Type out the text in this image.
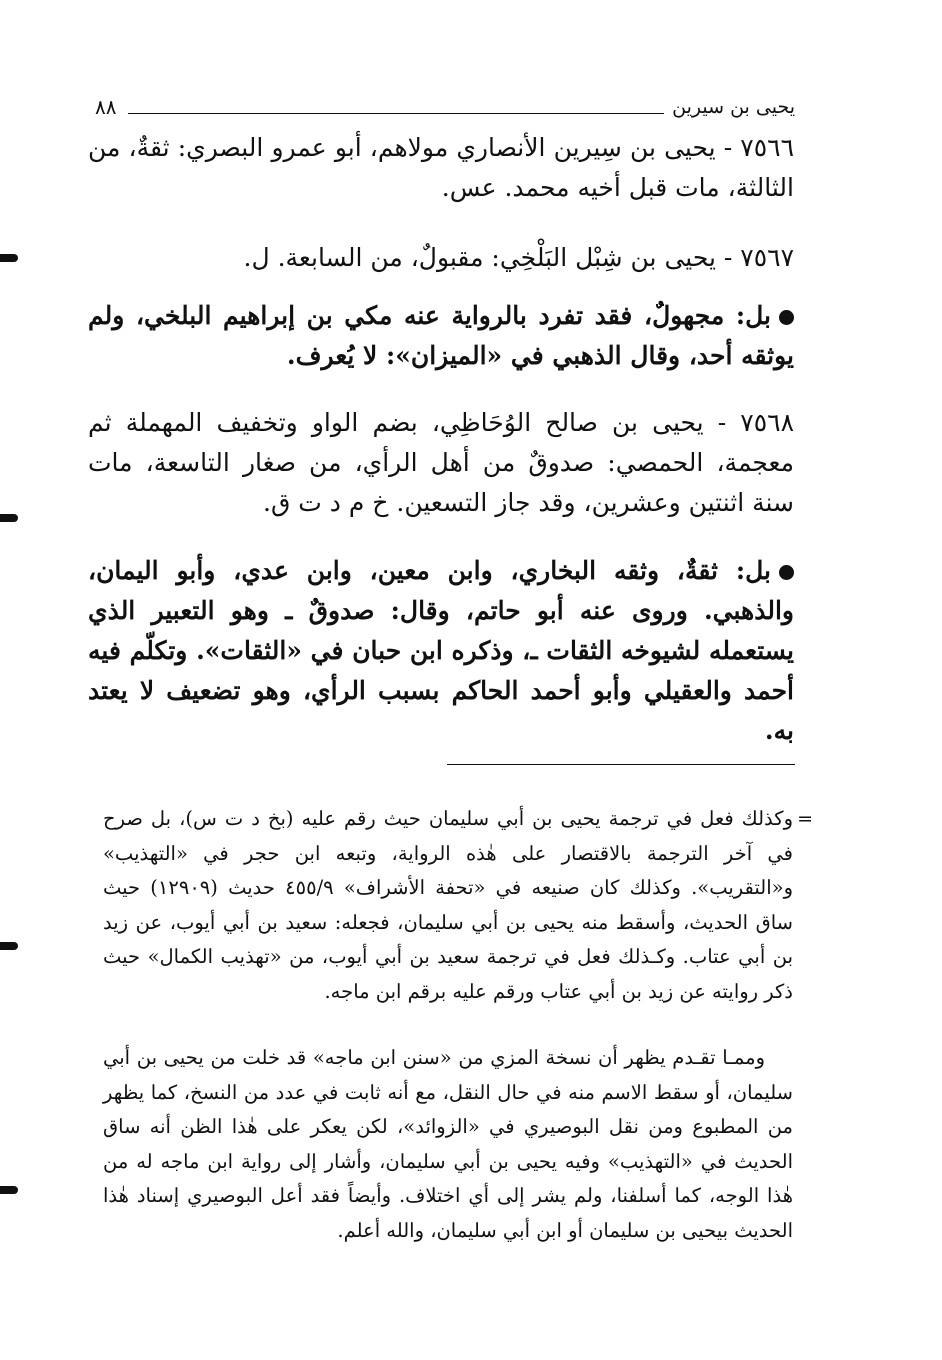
٨٨	يحيى بن سيرين

٧٥٦٦ - يحيى بن سِيرين الأنصاري مولاهم، أبو عمرو البصري: ثقةٌ، من الثالثة، مات قبل أخيه محمد. عس.

٧٥٦٧ - يحيى بن شِبْل البَلْخِي: مقبولٌ، من السابعة. ل.

بل: مجهولٌ، فقد تفرد بالرواية عنه مكي بن إبراهيم البلخي، ولم يوثقه أحد، وقال الذهبي في «الميزان»: لا يُعرف.

٧٥٦٨ - يحيى بن صالح الوُحَاظِي، بضم الواو وتخفيف المهملة ثم معجمة، الحمصي: صدوقٌ من أهل الرأي، من صغار التاسعة، مات سنة اثنتين وعشرين، وقد جاز التسعين. خ م د ت ق.

بل: ثقةٌ، وثقه البخاري، وابن معين، وابن عدي، وأبو اليمان، والذهبي. وروى عنه أبو حاتم، وقال: صدوقٌ ـ وهو التعبير الذي يستعمله لشيوخه الثقات ـ، وذكره ابن حبان في «الثقات». وتكلّم فيه أحمد والعقيلي وأبو أحمد الحاكم بسبب الرأي، وهو تضعيف لا يعتد به.

=

وكذلك فعل في ترجمة يحيى بن أبي سليمان حيث رقم عليه (بخ د ت س)، بل صرح في آخر الترجمة بالاقتصار على هٰذه الرواية، وتبعه ابن حجر في «التهذيب» و«التقريب». وكذلك كان صنيعه في «تحفة الأشراف» ٤٥٥/٩ حديث (١٢٩٠٩) حيث ساق الحديث، وأسقط منه يحيى بن أبي سليمان، فجعله: سعيد بن أبي أيوب، عن زيد بن أبي عتاب. وكـذلك فعل في ترجمة سعيد بن أبي أيوب، من «تهذيب الكمال» حيث ذكر روايته عن زيد بن أبي عتاب ورقم عليه برقم ابن ماجه.

وممـا تقـدم يظهر أن نسخة المزي من «سنن ابن ماجه» قد خلت من يحيى بن أبي سليمان، أو سقط الاسم منه في حال النقل، مع أنه ثابت في عدد من النسخ، كما يظهر من المطبوع ومن نقل البوصيري في «الزوائد»، لكن يعكر على هٰذا الظن أنه ساق الحديث في «التهذيب» وفيه يحيى بن أبي سليمان، وأشار إلى رواية ابن ماجه له من هٰذا الوجه، كما أسلفنا، ولم يشر إلى أي اختلاف. وأيضاً فقد أعل البوصيري إسناد هٰذا الحديث بيحيى بن سليمان أو ابن أبي سليمان، والله أعلم.
